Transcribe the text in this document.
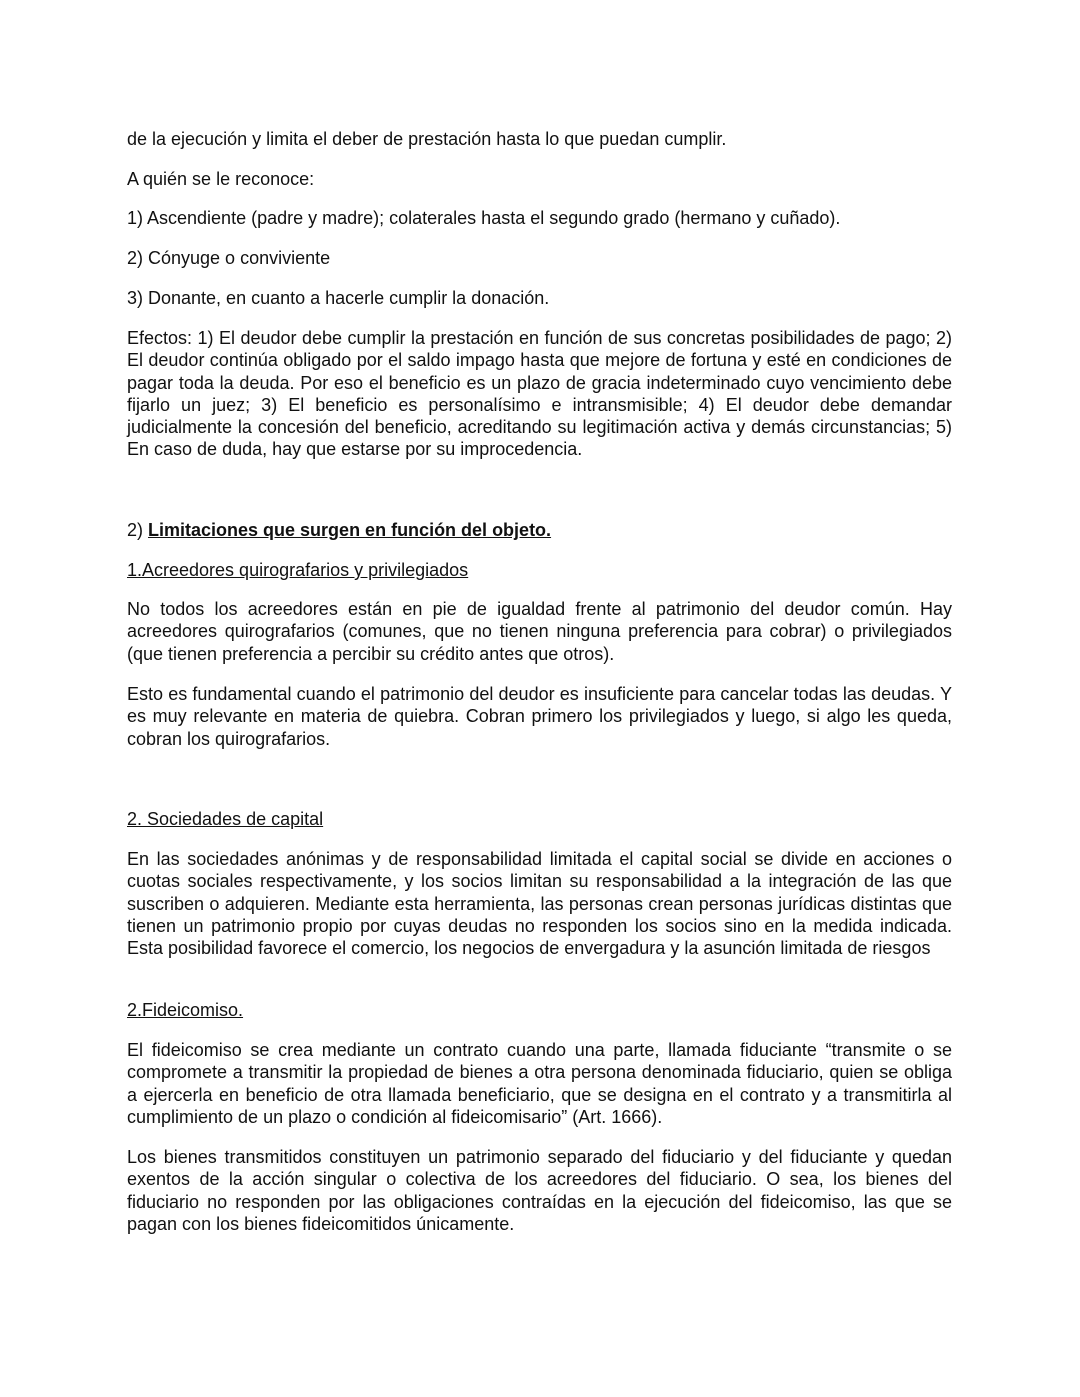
de la ejecución y limita el deber de prestación hasta lo que puedan cumplir.

A quién se le reconoce:

1) Ascendiente (padre y madre); colaterales hasta el segundo grado (hermano y cuñado).

2) Cónyuge o conviviente

3) Donante, en cuanto a hacerle cumplir la donación.

Efectos: 1) El deudor debe cumplir la prestación en función de sus concretas posibilidades de pago; 2) El deudor continúa obligado por el saldo impago hasta que mejore de fortuna y esté en condiciones de pagar toda la deuda. Por eso el beneficio es un plazo de gracia indeterminado cuyo vencimiento debe fijarlo un juez; 3) El beneficio es personalísimo e intransmisible; 4) El deudor debe demandar judicialmente la concesión del beneficio, acreditando su legitimación activa y demás circunstancias; 5) En caso de duda, hay que estarse por su improcedencia.

2) Limitaciones que surgen en función del objeto.

1.Acreedores quirografarios y privilegiados

No todos los acreedores están en pie de igualdad frente al patrimonio del deudor común. Hay acreedores quirografarios (comunes, que no tienen ninguna preferencia para cobrar) o privilegiados (que tienen preferencia a percibir su crédito antes que otros).

Esto es fundamental cuando el patrimonio del deudor es insuficiente para cancelar todas las deudas. Y es muy relevante en materia de quiebra. Cobran primero los privilegiados y luego, si algo les queda, cobran los quirografarios.

2. Sociedades de capital

En las sociedades anónimas y de responsabilidad limitada el capital social se divide en acciones o cuotas sociales respectivamente, y los socios limitan su responsabilidad a la integración de las que suscriben o adquieren. Mediante esta herramienta, las personas crean personas jurídicas distintas que tienen un patrimonio propio por cuyas deudas no responden los socios sino en la medida indicada. Esta posibilidad favorece el comercio, los negocios de envergadura y la asunción limitada de riesgos

2.Fideicomiso.

El fideicomiso se crea mediante un contrato cuando una parte, llamada fiduciante “transmite o se compromete a transmitir la propiedad de bienes a otra persona denominada fiduciario, quien se obliga a ejercerla en beneficio de otra llamada beneficiario, que se designa en el contrato y a transmitirla al cumplimiento de un plazo o condición al fideicomisario” (Art. 1666).

Los bienes transmitidos constituyen un patrimonio separado del fiduciario y del fiduciante y quedan exentos de la acción singular o colectiva de los acreedores del fiduciario. O sea, los bienes del fiduciario no responden por las obligaciones contraídas en la ejecución del fideicomiso, las que se pagan con los bienes fideicomitidos únicamente.
